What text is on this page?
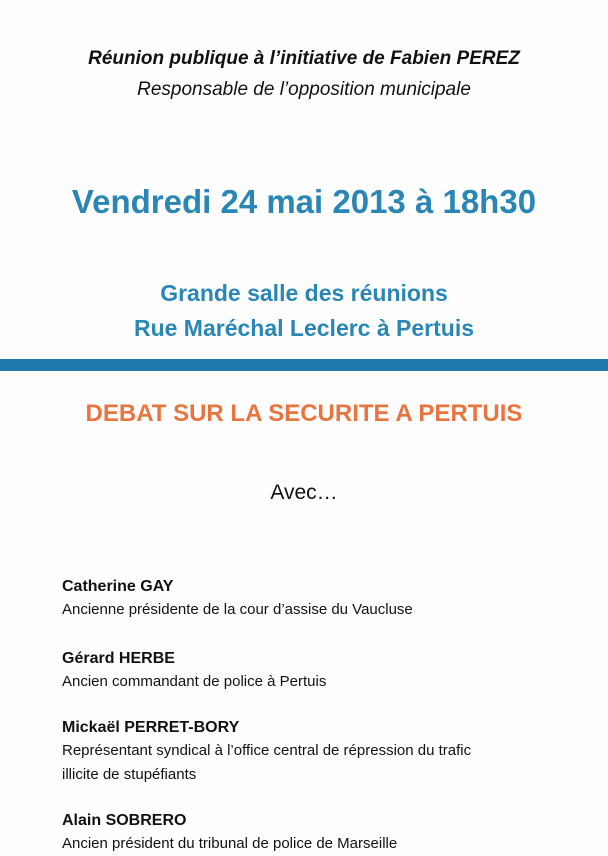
Réunion publique à l’initiative de Fabien PEREZ
Responsable de l’opposition municipale
Vendredi 24 mai 2013 à 18h30
Grande salle des réunions
Rue Maréchal Leclerc à Pertuis
DEBAT SUR LA SECURITE A PERTUIS
Avec…
Catherine GAY
Ancienne présidente de la cour d’assise du Vaucluse
Gérard HERBE
Ancien commandant de police à Pertuis
Mickaël PERRET-BORY
Représentant syndical à l’office central de répression du trafic
illicite de stupéfiants
Alain SOBRERO
Ancien président du tribunal de police de Marseille
